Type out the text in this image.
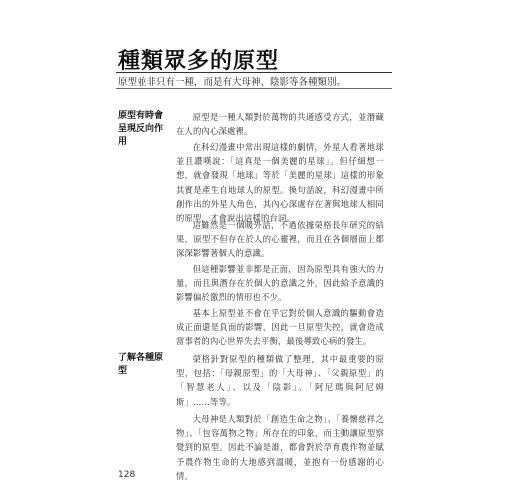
種類眾多的原型
原型並非只有一種，而是有大母神、陰影等各種類別。
原型有時會呈現反向作用

原型是一種人類對於萬物的共通感受方式，並潛藏在人的內心深處裡。

在科幻漫畫中常出現這樣的劇情，外星人看著地球並且讚嘆說：「這真是一個美麗的星球」。但仔細想一想，就會發現「地球」等於「美麗的星球」這樣的形象其實是產生自地球人的原型。換句話說，科幻漫畫中所創作出的外星人角色，其內心深處存在著與地球人相同的原型，才會說出這樣的台詞。

這雖然是一個暖外話，不過依據榮格長年研究的結果，原型不但存在於人的心靈裡，而且在各個層面上都深深影響著個人的意識。

但這種影響並非都是正面，因為原型具有強大的力量，而且與潛存在於個人的意識之外，因此給予意識的影響偏於激烈的情形也不少。

基本上原型並不會在乎它對於個人意識的驅動會造成正面還是負面的影響，因此一旦原型失控，就會造成當事者的內心世界失去平衡，最後導致心病的發生。

了解各種原型

榮格針對原型的種類做了整理，其中最重要的原型，包括：「母親原型」的「大母神」、「父親原型」的「智慧老人」、以及「陰影」、「阿尼瑪與阿尼姆斯」……等等。

大母神是人類對於「創造生命之物」、「養懷慈祥之物」、「包容萬物之物」所存在的印象，而主動讓原型察覺到的原型。因此不論是誰，都會對於孕育農作物並賦予農作物生命的大地感到溫暖，並抱有一份感謝的心情。

128
